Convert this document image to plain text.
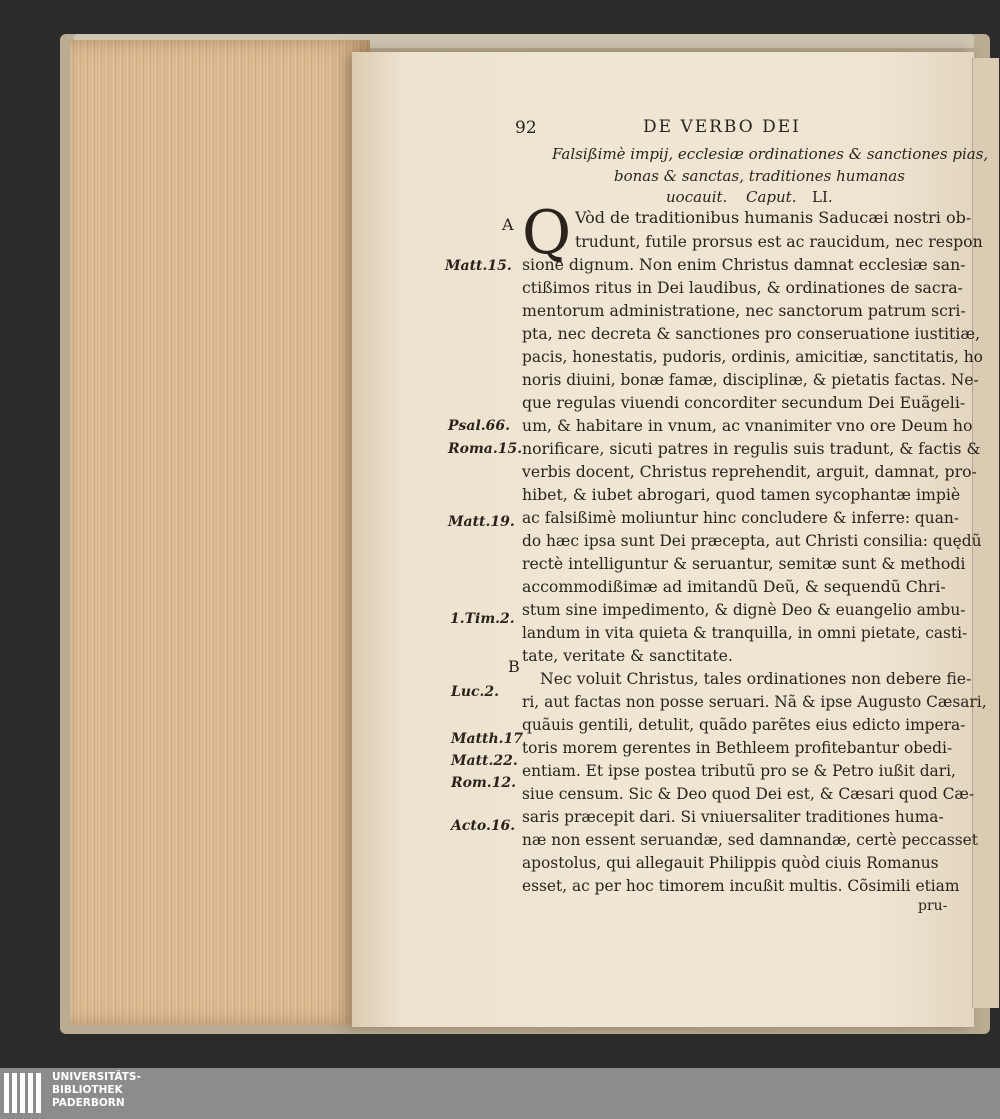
92	DE VERBO DEI
Falsißimè impij, ecclesiæ ordinationes & sanctiones pias,
bonas & sanctas, traditiones humanas
uocauit. Caput. LI.
A
B
Q Vòd de traditionibus humanis Saducæi nostri ob-
trudunt, futile prorsus est ac raucidum, nec respon
sione dignum. Non enim Christus damnat ecclesiæ san-
ctißimos ritus in Dei laudibus, & ordinationes de sacra-
mentorum administratione, nec sanctorum patrum scri-
pta, nec decreta & sanctiones pro conseruatione iustitiæ,
pacis, honestatis, pudoris, ordinis, amicitiæ, sanctitatis, ho
noris diuini, bonæ famæ, disciplinæ, & pietatis factas. Ne-
que regulas viuendi concorditer secundum Dei Euãgeli-
um, & habitare in vnum, ac vnanimiter vno ore Deum ho
norificare, sicuti patres in regulis suis tradunt, & factis &
verbis docent, Christus reprehendit, arguit, damnat, pro-
hibet, & iubet abrogari, quod tamen sycophantæ impiè
ac falsißimè moliuntur hinc concludere & inferre: quan-
do hæc ipsa sunt Dei præcepta, aut Christi consilia: quędũ
rectè intelliguntur & seruantur, semitæ sunt & methodi
accommodißimæ ad imitandũ Deũ, & sequendũ Chri-
stum sine impedimento, & dignè Deo & euangelio ambu-
landum in vita quieta & tranquilla, in omni pietate, casti-
tate, veritate & sanctitate.
Nec voluit Christus, tales ordinationes non debere fie-
ri, aut factas non posse seruari. Nã & ipse Augusto Cæsari,
quãuis gentili, detulit, quãdo parẽtes eius edicto impera-
toris morem gerentes in Bethleem profitebantur obedi-
entiam. Et ipse postea tributũ pro se & Petro iußit dari,
siue censum. Sic & Deo quod Dei est, & Cæsari quod Cæ-
saris præcepit dari. Si vniuersaliter traditiones huma-
næ non essent seruandæ, sed damnandæ, certè peccasset
apostolus, qui allegauit Philippis quòd ciuis Romanus
esset, ac per hoc timorem incußit multis. Cõsimili etiam
pru-
Matt.15.
Psal.66.
Roma.15.
Matt.19.
1.Tim.2.
Luc.2.
Matth.17
Matt.22.
Rom.12.
Acto.16.
UNIVERSITÄTS-
BIBLIOTHEK
PADERBORN
